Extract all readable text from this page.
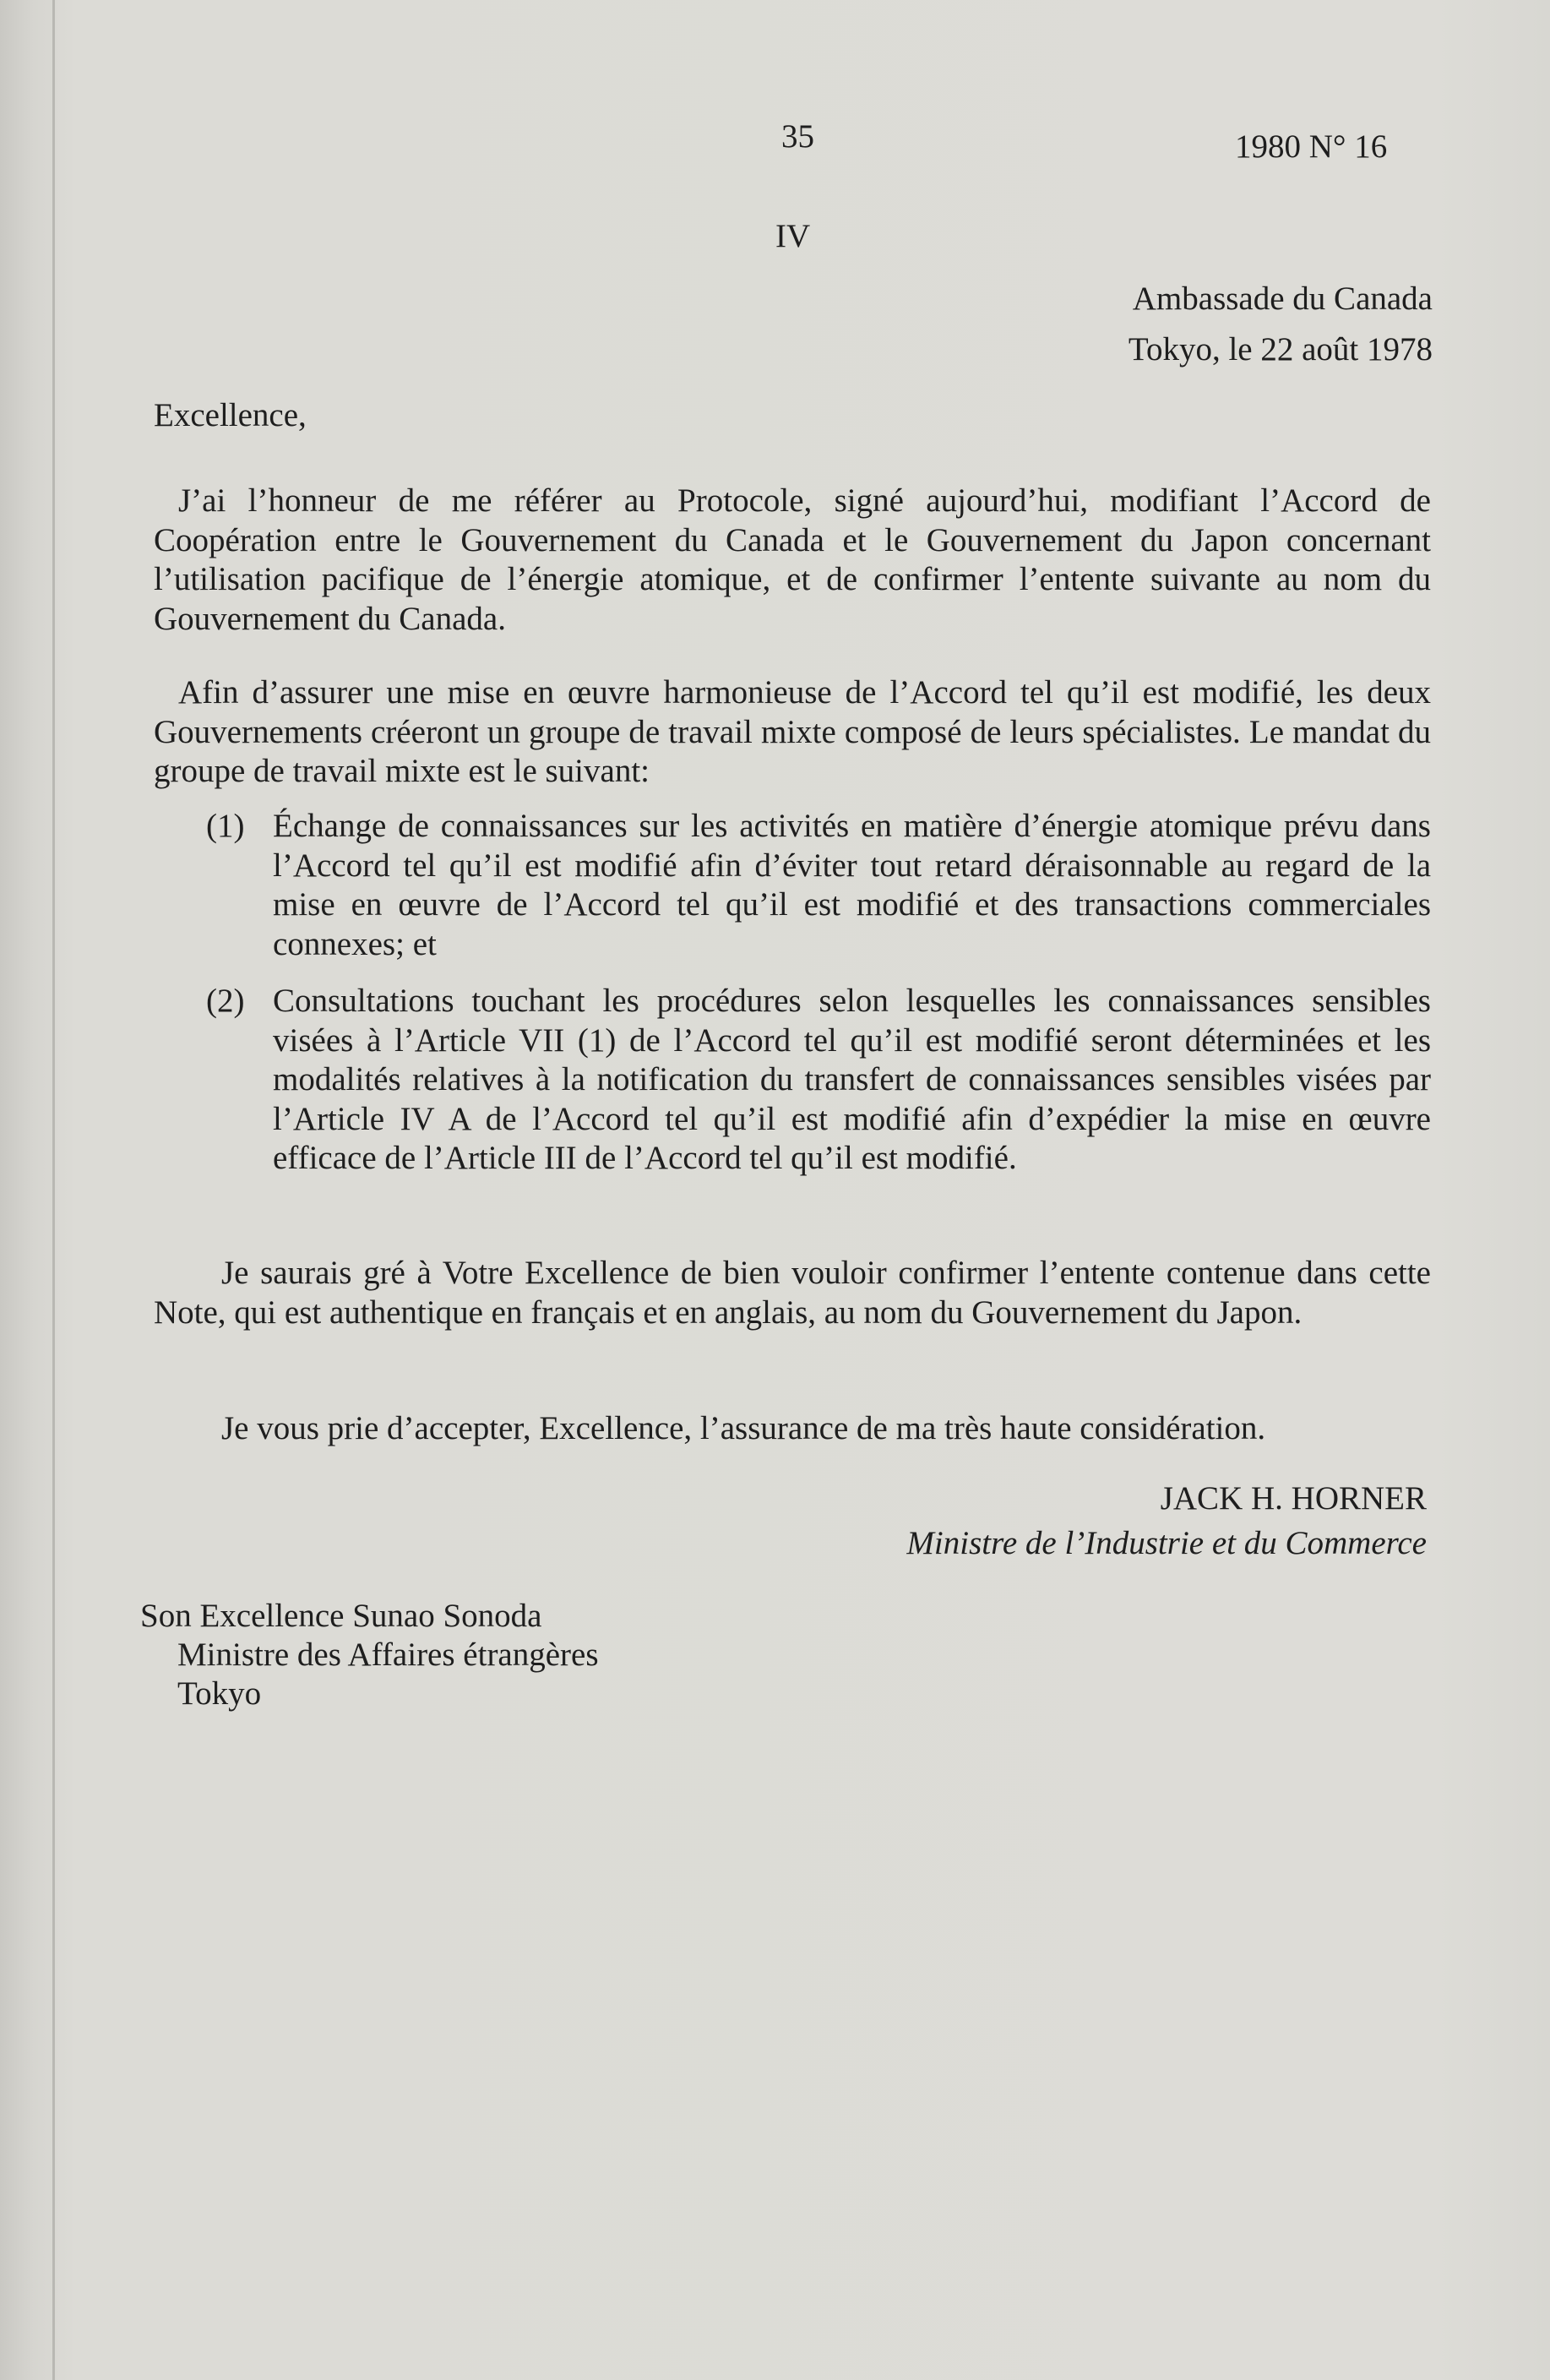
35	1980 N° 16
IV
Ambassade du Canada
Tokyo, le 22 août 1978
Excellence,
J’ai l’honneur de me référer au Protocole, signé aujourd’hui, modifiant l’Accord de Coopération entre le Gouvernement du Canada et le Gouvernement du Japon concernant l’utilisation pacifique de l’énergie atomique, et de confirmer l’entente suivante au nom du Gouvernement du Canada.
Afin d’assurer une mise en œuvre harmonieuse de l’Accord tel qu’il est modifié, les deux Gouvernements créeront un groupe de travail mixte composé de leurs spécialistes. Le mandat du groupe de travail mixte est le suivant:
(1) Échange de connaissances sur les activités en matière d’énergie atomique prévu dans l’Accord tel qu’il est modifié afin d’éviter tout retard déraisonnable au regard de la mise en œuvre de l’Accord tel qu’il est modifié et des transactions commerciales connexes; et
(2) Consultations touchant les procédures selon lesquelles les connaissances sensibles visées à l’Article VII (1) de l’Accord tel qu’il est modifié seront déterminées et les modalités relatives à la notification du transfert de connaissances sensibles visées par l’Article IV A de l’Accord tel qu’il est modifié afin d’expédier la mise en œuvre efficace de l’Article III de l’Accord tel qu’il est modifié.
Je saurais gré à Votre Excellence de bien vouloir confirmer l’entente contenue dans cette Note, qui est authentique en français et en anglais, au nom du Gouvernement du Japon.
Je vous prie d’accepter, Excellence, l’assurance de ma très haute considération.
JACK H. HORNER
Ministre de l’Industrie et du Commerce
Son Excellence Sunao Sonoda
Ministre des Affaires étrangères
Tokyo
